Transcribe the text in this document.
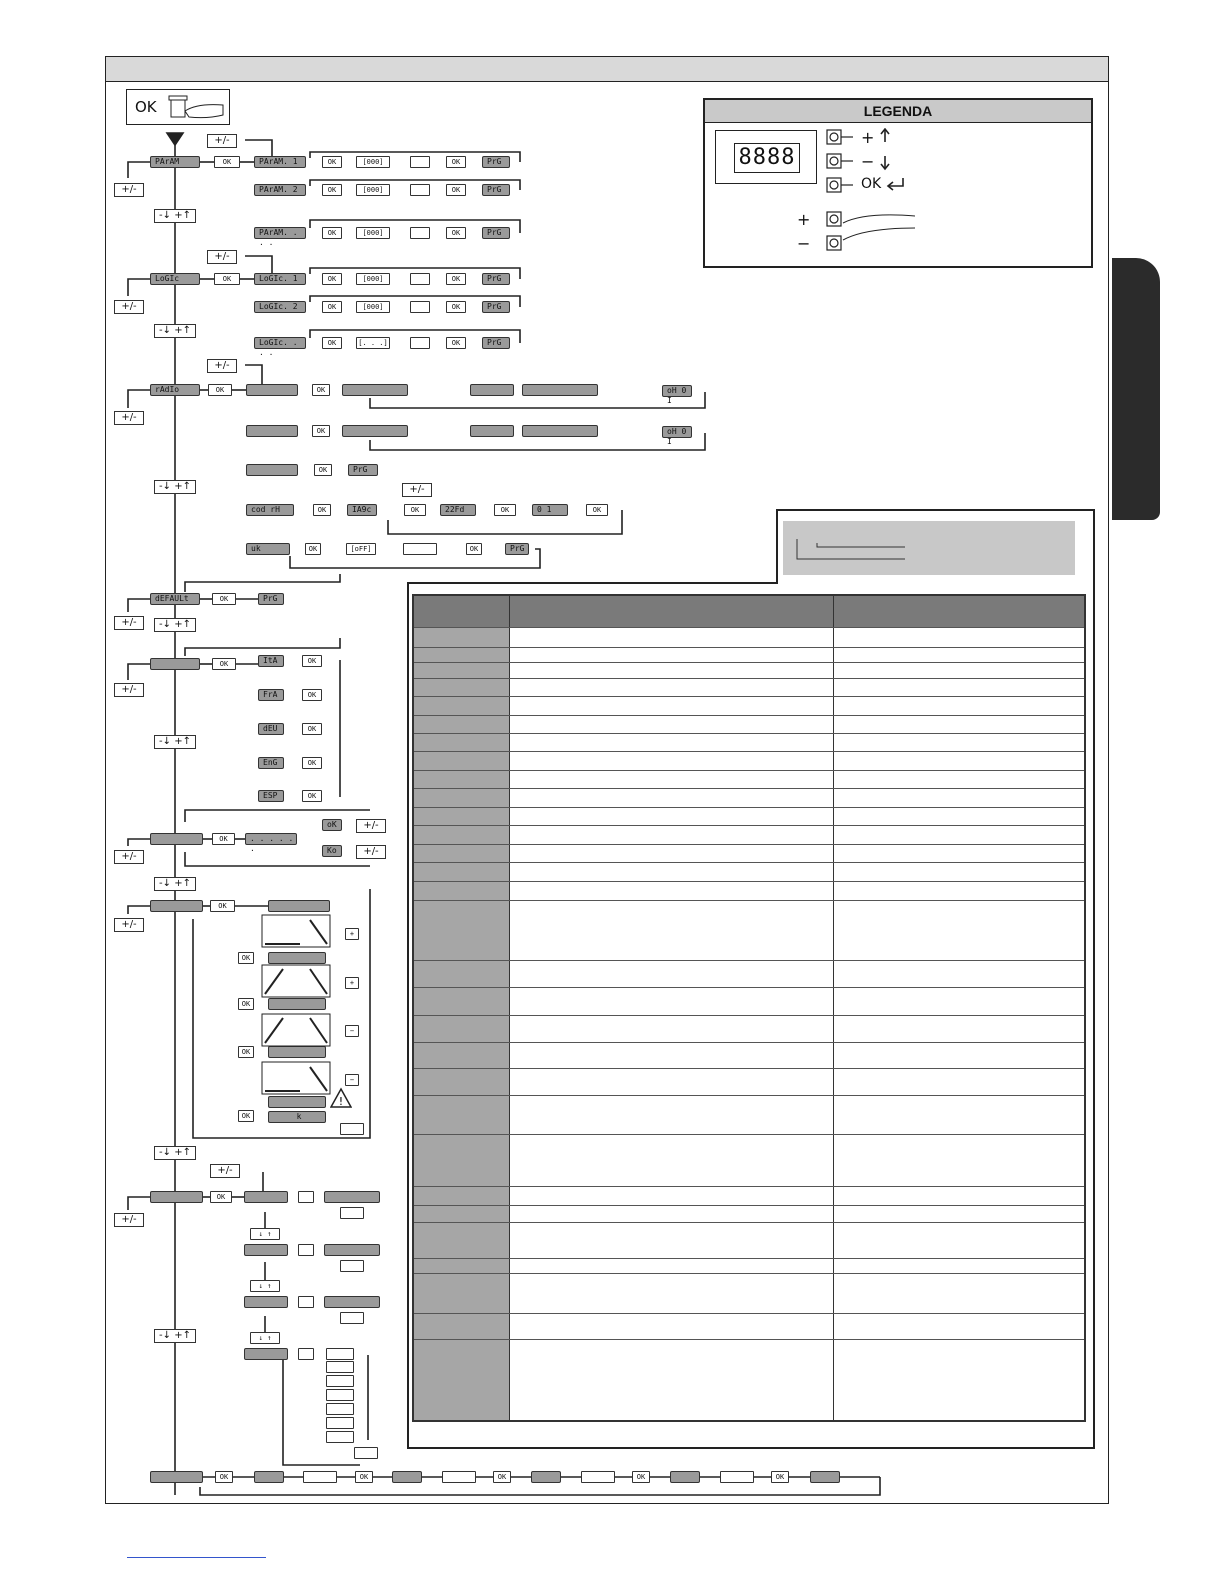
OK
+/-
+/-
-↓ +↑
+/-
+/-
-↓ +↑
+/-
+/-
-↓ +↑
+/-	-↓ +↑
+/-
-↓ +↑
+/-
-↓ +↑
+/-
-↓ +↑
+/-
+/-
-↓ +↑
PArAM
LoGIc
rAdIo
dEFAULt
OK
OK
OK
OK
OK
OK
OK
OK
PArAM. 1
PArAM. 2
PArAM. . . .
OK	[000]	OK	PrG
OK	[000]	OK	PrG
OK	[000]	OK	PrG
LoGIc. 1
LoGIc. 2
LoGIc. . . .
OK	[000]	OK	PrG
OK	[000]	OK	PrG
OK	[. . .]	OK	PrG
OK	oH 0 I
OK	oH 0 I
OK	PrG
cod rH	OK	IA9c
+/-
OK	22Fd	OK	0 1	OK
uk	OK	[oFF]	OK	PrG
PrG
ItA
FrA
dEU
EnG
ESP
OK
OK
OK
OK
OK
. . . . . .
oK
Ko
+/-
+/-
k
OK
OK
OK
OK
+
+
−
−
!
↓ ↑
↓ ↑
↓ ↑
OK	OK	OK	OK	OK
LEGENDA
8888
+
−
OK
+
−
